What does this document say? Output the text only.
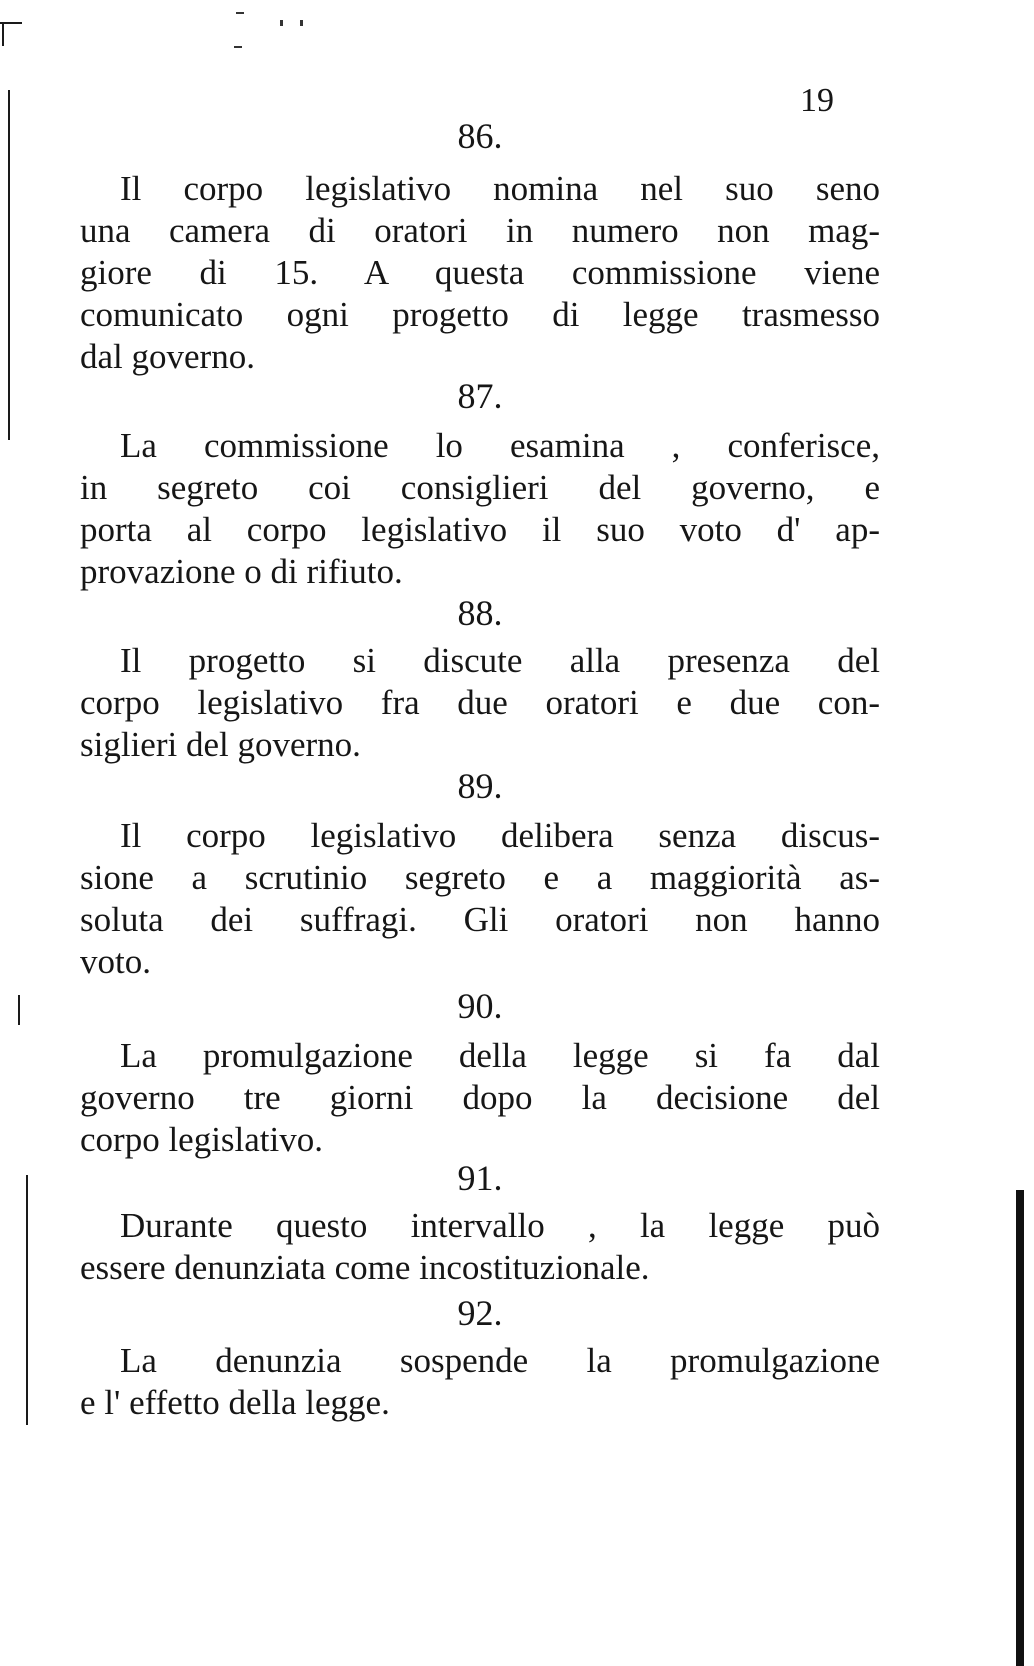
19
86.
Il corpo legislativo nomina nel suo seno
una camera di oratori in numero non mag-
giore di 15. A questa commissione viene
comunicato ogni progetto di legge trasmesso
dal governo.
87.
La commissione lo esamina , conferisce,
in segreto coi consiglieri del governo, e
porta al corpo legislativo il suo voto d' ap-
provazione o di rifiuto.
88.
Il progetto si discute alla presenza del
corpo legislativo fra due oratori e due con-
siglieri del governo.
89.
Il corpo legislativo delibera senza discus-
sione a scrutinio segreto e a maggiorità as-
soluta dei suffragi. Gli oratori non hanno
voto.
90.
La promulgazione della legge si fa dal
governo tre giorni dopo la decisione del
corpo legislativo.
91.
Durante questo intervallo , la legge può
essere denunziata come incostituzionale.
92.
La denunzia sospende la promulgazione
e l' effetto della legge.
